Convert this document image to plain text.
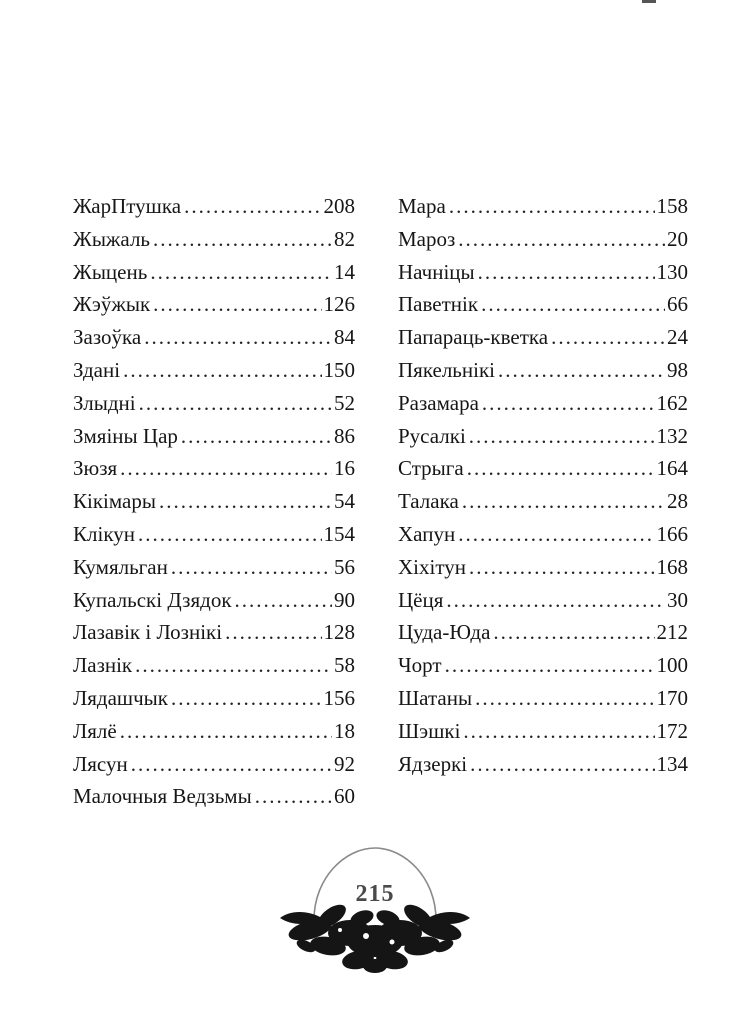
ЖарПтушка .....	208
Жыжаль .....	82
Жыцень .....	14
Жэўжык .....	126
Зазоўка .....	84
Здані .....	150
Злыдні .....	52
Змяіны Цар .....	86
Зюзя .....	16
Кікімары .....	54
Клікун .....	154
Кумяльган .....	56
Купальскі Дзядок .....	90
Лазавік і Лознікі .....	128
Лазнік .....	58
Лядашчык .....	156
Лялё .....	18
Лясун .....	92
Малочныя Ведзьмы .....	60
Мара .....	158
Мароз .....	20
Начніцы .....	130
Паветнік .....	66
Папараць-кветка .....	24
Пякельнікі .....	98
Разамара .....	162
Русалкі .....	132
Стрыга .....	164
Талака .....	28
Хапун .....	166
Хіхітун .....	168
Цёця .....	30
Цуда-Юда .....	212
Чорт .....	100
Шатаны .....	170
Шэшкі .....	172
Ядзеркі .....	134
215
